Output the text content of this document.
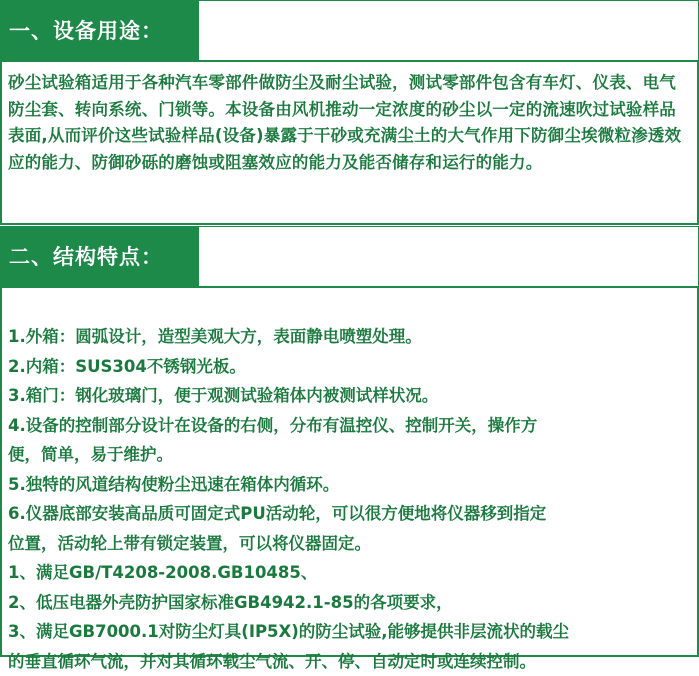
一、设备用途：
砂尘试验箱适用于各种汽车零部件做防尘及耐尘试验，测试零部件包含有车灯、仪表、电气防尘套、转向系统、门锁等。本设备由风机推动一定浓度的砂尘以一定的流速吹过试验样品表面,从而评价这些试验样品(设备)暴露于干砂或充满尘土的大气作用下防御尘埃微粒渗透效应的能力、防御砂砾的磨蚀或阻塞效应的能力及能否储存和运行的能力。
二、结构特点：
1.外箱：圆弧设计，造型美观大方，表面静电喷塑处理。
2.内箱：SUS304不锈钢光板。
3.箱门：钢化玻璃门，便于观测试验箱体内被测试样状况。
4.设备的控制部分设计在设备的右侧，分布有温控仪、控制开关，操作方
便，简单，易于维护。
5.独特的风道结构使粉尘迅速在箱体内循环。
6.仪器底部安装高品质可固定式PU活动轮，可以很方便地将仪器移到指定
位置，活动轮上带有锁定装置，可以将仪器固定。
1、满足GB/T4208-2008.GB10485、
2、低压电器外壳防护国家标准GB4942.1-85的各项要求，
3、满足GB7000.1对防尘灯具(IP5X)的防尘试验,能够提供非层流状的载尘
的垂直循环气流，并对其循环载尘气流、开、停、自动定时或连续控制。
